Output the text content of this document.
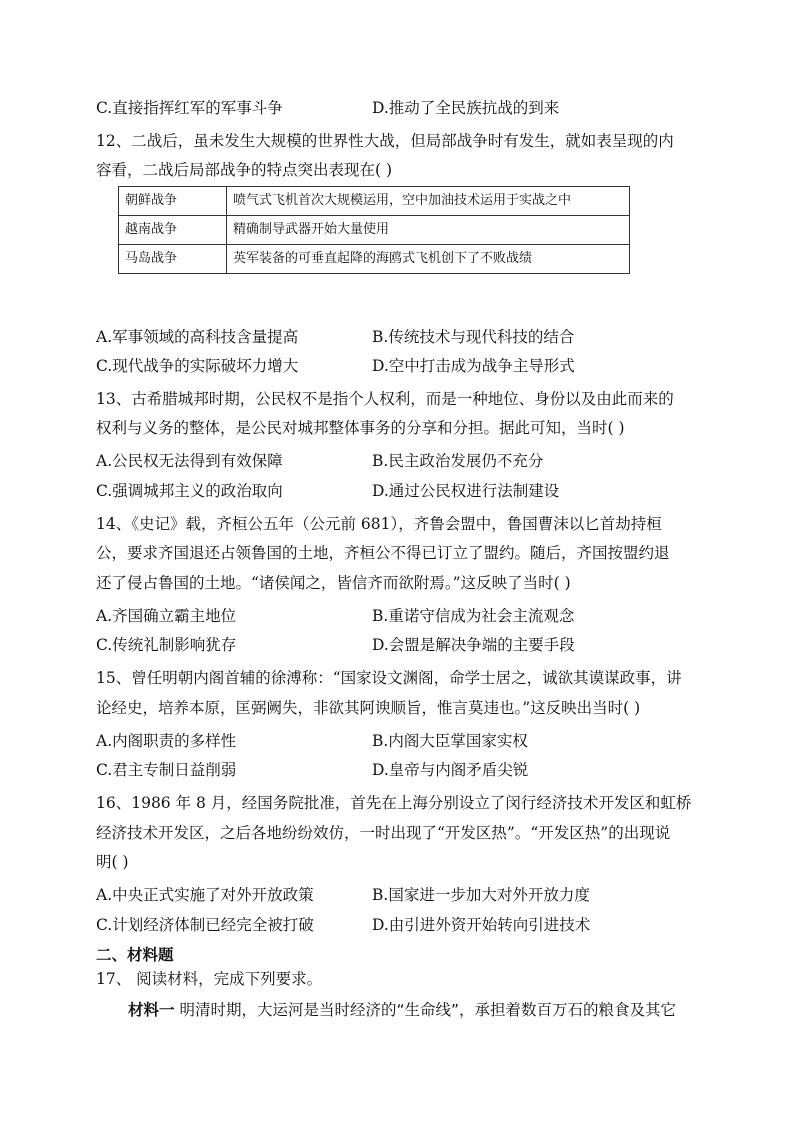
C.直接指挥红军的军事斗争	D.推动了全民族抗战的到来
12、二战后，虽未发生大规模的世界性大战，但局部战争时有发生，就如表呈现的内
容看，二战后局部战争的特点突出表现在( )
朝鲜战争	喷气式飞机首次大规模运用，空中加油技术运用于实战之中
越南战争	精确制导武器开始大量使用
马岛战争	英军装备的可垂直起降的海鸥式飞机创下了不败战绩
A.军事领域的高科技含量提高	B.传统技术与现代科技的结合
C.现代战争的实际破坏力增大	D.空中打击成为战争主导形式
13、古希腊城邦时期，公民权不是指个人权利，而是一种地位、身份以及由此而来的
权利与义务的整体，是公民对城邦整体事务的分享和分担。据此可知，当时( )
A.公民权无法得到有效保障	B.民主政治发展仍不充分
C.强调城邦主义的政治取向	D.通过公民权进行法制建设
14、《史记》载，齐桓公五年（公元前 681），齐鲁会盟中，鲁国曹沫以匕首劫持桓
公，要求齐国退还占领鲁国的土地，齐桓公不得已订立了盟约。随后，齐国按盟约退
还了侵占鲁国的土地。“诸侯闻之，皆信齐而欲附焉。”这反映了当时( )
A.齐国确立霸主地位	B.重诺守信成为社会主流观念
C.传统礼制影响犹存	D.会盟是解决争端的主要手段
15、曾任明朝内阁首辅的徐溥称：“国家设文渊阁，命学士居之，诚欲其谟谋政事，讲
论经史，培养本原，匡弼阙失，非欲其阿谀顺旨，惟言莫违也。”这反映出当时( )
A.内阁职责的多样性	B.内阁大臣掌国家实权
C.君主专制日益削弱	D.皇帝与内阁矛盾尖锐
16、1986 年 8 月，经国务院批准，首先在上海分别设立了闵行经济技术开发区和虹桥
经济技术开发区，之后各地纷纷效仿，一时出现了“开发区热”。“开发区热”的出现说
明( )
A.中央正式实施了对外开放政策	B.国家进一步加大对外开放力度
C.计划经济体制已经完全被打破	D.由引进外资开始转向引进技术
二、材料题
17、 阅读材料，完成下列要求。
材料一 明清时期，大运河是当时经济的“生命线”，承担着数百万石的粮食及其它
